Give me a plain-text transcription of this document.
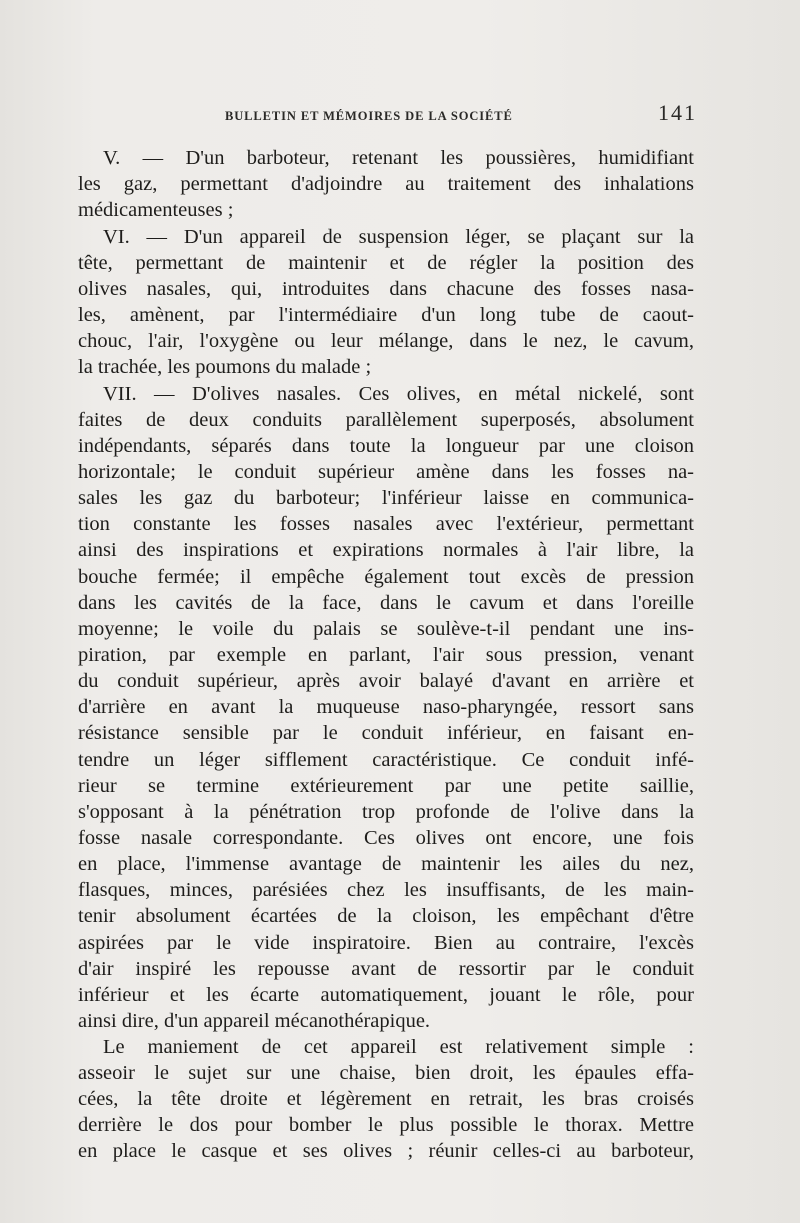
BULLETIN ET MÉMOIRES DE LA SOCIÉTÉ	141
V. — D'un barboteur, retenant les poussières, humidifiant
les gaz, permettant d'adjoindre au traitement des inhalations
médicamenteuses ;
VI. — D'un appareil de suspension léger, se plaçant sur la
tête, permettant de maintenir et de régler la position des
olives nasales, qui, introduites dans chacune des fosses nasa-
les, amènent, par l'intermédiaire d'un long tube de caout-
chouc, l'air, l'oxygène ou leur mélange, dans le nez, le cavum,
la trachée, les poumons du malade ;
VII. — D'olives nasales. Ces olives, en métal nickelé, sont
faites de deux conduits parallèlement superposés, absolument
indépendants, séparés dans toute la longueur par une cloison
horizontale; le conduit supérieur amène dans les fosses na-
sales les gaz du barboteur; l'inférieur laisse en communica-
tion constante les fosses nasales avec l'extérieur, permettant
ainsi des inspirations et expirations normales à l'air libre, la
bouche fermée; il empêche également tout excès de pression
dans les cavités de la face, dans le cavum et dans l'oreille
moyenne; le voile du palais se soulève-t-il pendant une ins-
piration, par exemple en parlant, l'air sous pression, venant
du conduit supérieur, après avoir balayé d'avant en arrière et
d'arrière en avant la muqueuse naso-pharyngée, ressort sans
résistance sensible par le conduit inférieur, en faisant en-
tendre un léger sifflement caractéristique. Ce conduit infé-
rieur se termine extérieurement par une petite saillie,
s'opposant à la pénétration trop profonde de l'olive dans la
fosse nasale correspondante. Ces olives ont encore, une fois
en place, l'immense avantage de maintenir les ailes du nez,
flasques, minces, parésiées chez les insuffisants, de les main-
tenir absolument écartées de la cloison, les empêchant d'être
aspirées par le vide inspiratoire. Bien au contraire, l'excès
d'air inspiré les repousse avant de ressortir par le conduit
inférieur et les écarte automatiquement, jouant le rôle, pour
ainsi dire, d'un appareil mécanothérapique.
Le maniement de cet appareil est relativement simple :
asseoir le sujet sur une chaise, bien droit, les épaules effa-
cées, la tête droite et légèrement en retrait, les bras croisés
derrière le dos pour bomber le plus possible le thorax. Mettre
en place le casque et ses olives ; réunir celles-ci au barboteur,
